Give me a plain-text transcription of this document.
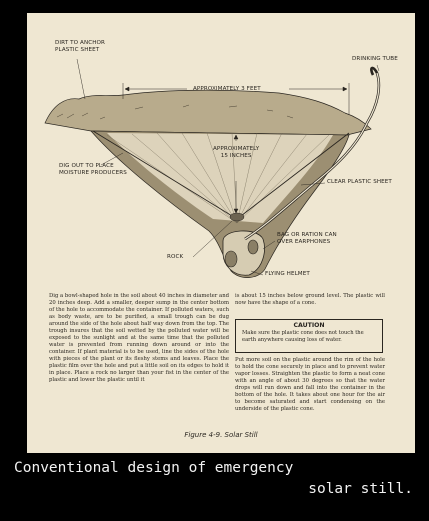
DIRT TO ANCHOR
PLASTIC SHEET
DRINKING TUBE
APPROXIMATELY 3 FEET
APPROXIMATELY
15 INCHES
CLEAR PLASTIC SHEET
DIG OUT TO PLACE
MOISTURE PRODUCERS
BAG OR RATION CAN
OVER EARPHONES
ROCK
FLYING HELMET
Dig a bowl-shaped hole in the soil about 40 inches in diameter and 20 inches deep. Add a smaller, deeper sump in the center bottom of the hole to accommodate the container. If polluted waters, such as body waste, are to be purified, a small trough can be dug around the side of the hole about half way down from the top. The trough insures that the soil wetted by the polluted water will be exposed to the sunlight and at the same time that the polluted water is prevented from running down around or into the container. If plant material is to be used, line the sides of the hole with pieces of the plant or its fleshy stems and leaves. Place the plastic film over the hole and put a little soil on its edges to hold it in place. Place a rock no larger than your fist in the center of the plastic and lower the plastic until it
is about 15 inches below ground level. The plastic will now have the shape of a cone.
CAUTION
Make sure the plastic cone does not touch the earth anywhere causing loss of water.
Put more soil on the plastic around the rim of the hole to hold the cone securely in place and to prevent water vapor losses. Straighten the plastic to form a neat cone with an angle of about 30 degrees so that the water drops will run down and fall into the container in the bottom of the hole. It takes about one hour for the air to become saturated and start condensing on the underside of the plastic cone.
Figure 4-9. Solar Still

Conventional design of emergency

solar still.
